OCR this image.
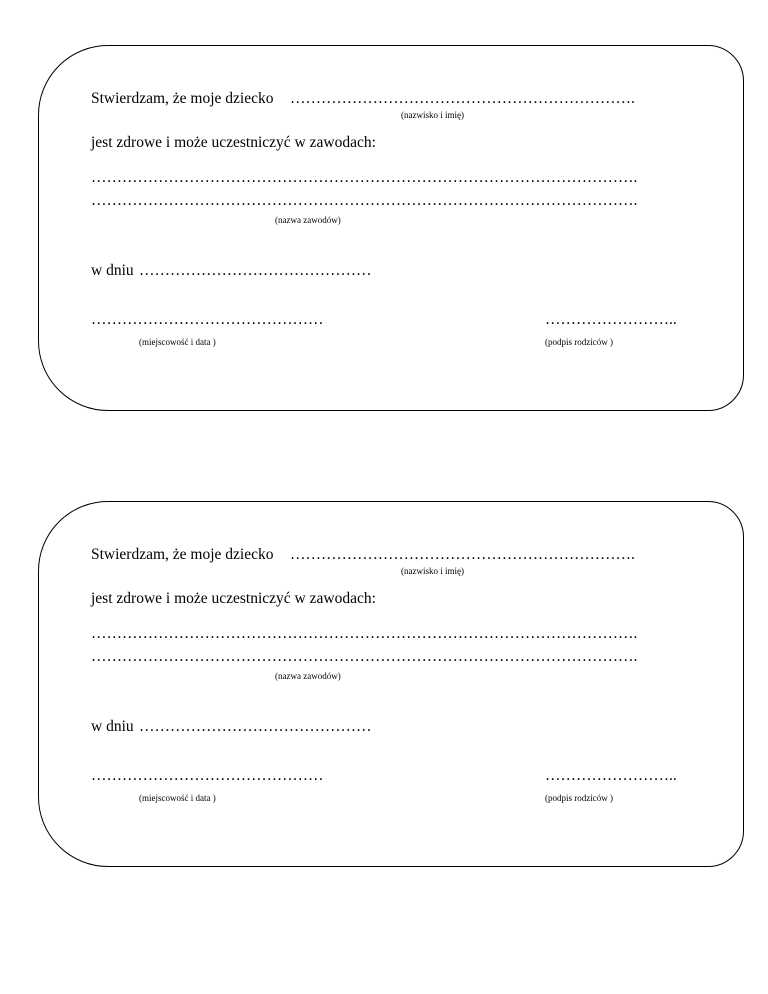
Stwierdzam, że moje dziecko ………………………………………………………….
(nazwisko i imię)
jest zdrowe i może uczestniczyć w zawodach:
…………………………………………………………………………………………….
…………………………………………………………………………………………….
(nazwa zawodów)
w dniu ………………………………………
………………………………………	……………………..
(miejscowość i data )	(podpis rodziców )
Stwierdzam, że moje dziecko ………………………………………………………….
(nazwisko i imię)
jest zdrowe i może uczestniczyć w zawodach:
…………………………………………………………………………………………….
…………………………………………………………………………………………….
(nazwa zawodów)
w dniu ………………………………………
………………………………………	……………………..
(miejscowość i data )	(podpis rodziców )
